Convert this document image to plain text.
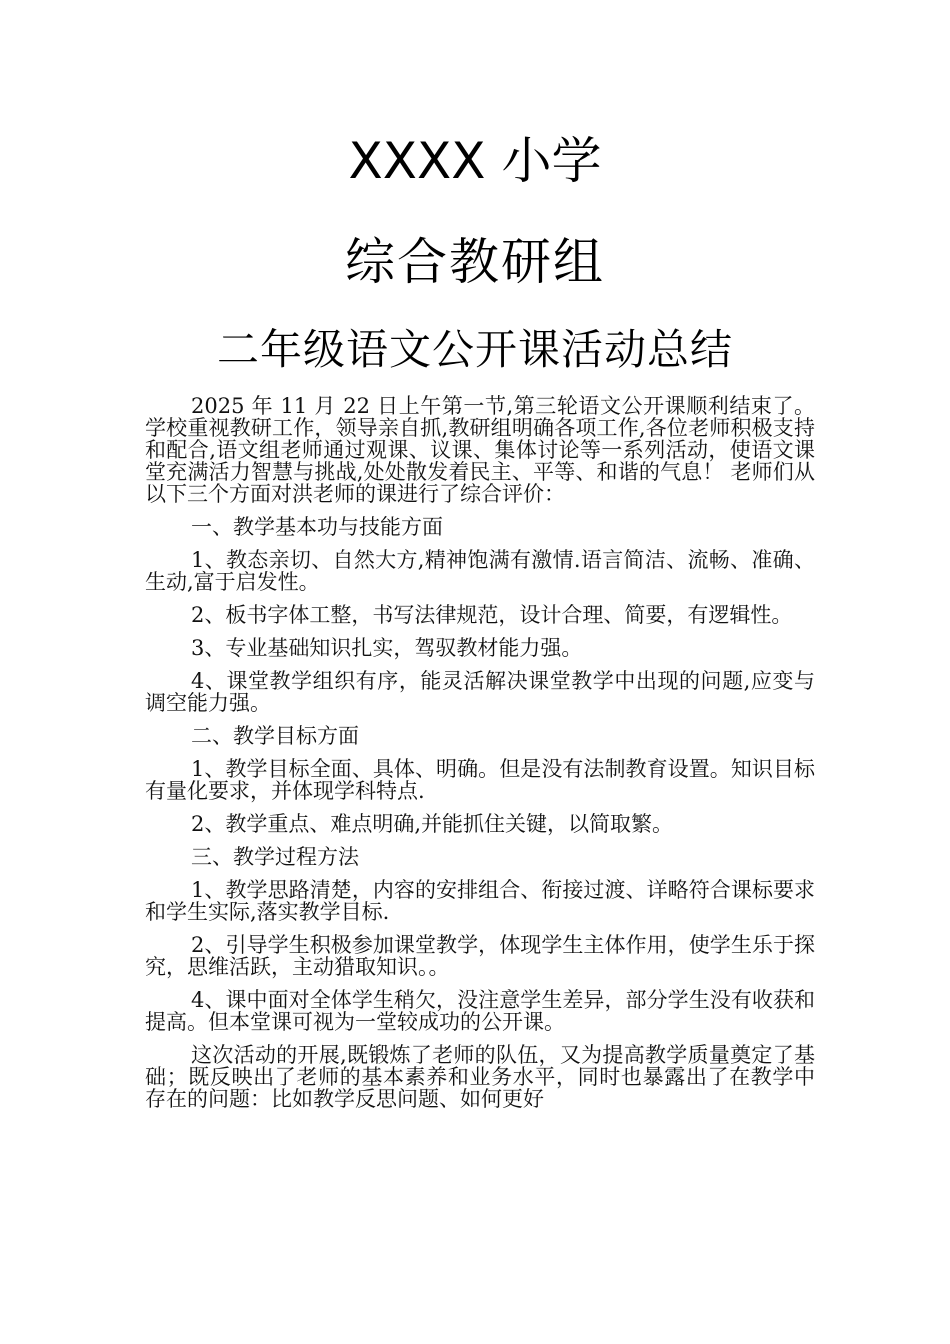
XXXX 小学
综合教研组
二年级语文公开课活动总结

2025 年 11 月 22 日上午第一节,第三轮语文公开课顺利结束了。学校重视教研工作，领导亲自抓,教研组明确各项工作,各位老师积极支持和配合,语文组老师通过观课、议课、集体讨论等一系列活动，使语文课堂充满活力智慧与挑战,处处散发着民主、平等、和谐的气息！ 老师们从以下三个方面对洪老师的课进行了综合评价：

一、教学基本功与技能方面

1、教态亲切、自然大方,精神饱满有激情.语言简洁、流畅、准确、生动,富于启发性。

2、板书字体工整，书写法律规范，设计合理、简要，有逻辑性。

3、专业基础知识扎实，驾驭教材能力强。

4、课堂教学组织有序，能灵活解决课堂教学中出现的问题,应变与调空能力强。

二、教学目标方面

1、教学目标全面、具体、明确。但是没有法制教育设置。知识目标有量化要求，并体现学科特点.

2、教学重点、难点明确,并能抓住关键，以简取繁。

三、教学过程方法

1、教学思路清楚，内容的安排组合、衔接过渡、详略符合课标要求和学生实际,落实教学目标.

2、引导学生积极参加课堂教学，体现学生主体作用，使学生乐于探究，思维活跃，主动猎取知识。。

4、课中面对全体学生稍欠，没注意学生差异，部分学生没有收获和提高。但本堂课可视为一堂较成功的公开课。

这次活动的开展,既锻炼了老师的队伍，又为提高教学质量奠定了基础；既反映出了老师的基本素养和业务水平，同时也暴露出了在教学中存在的问题：比如教学反思问题、如何更好
